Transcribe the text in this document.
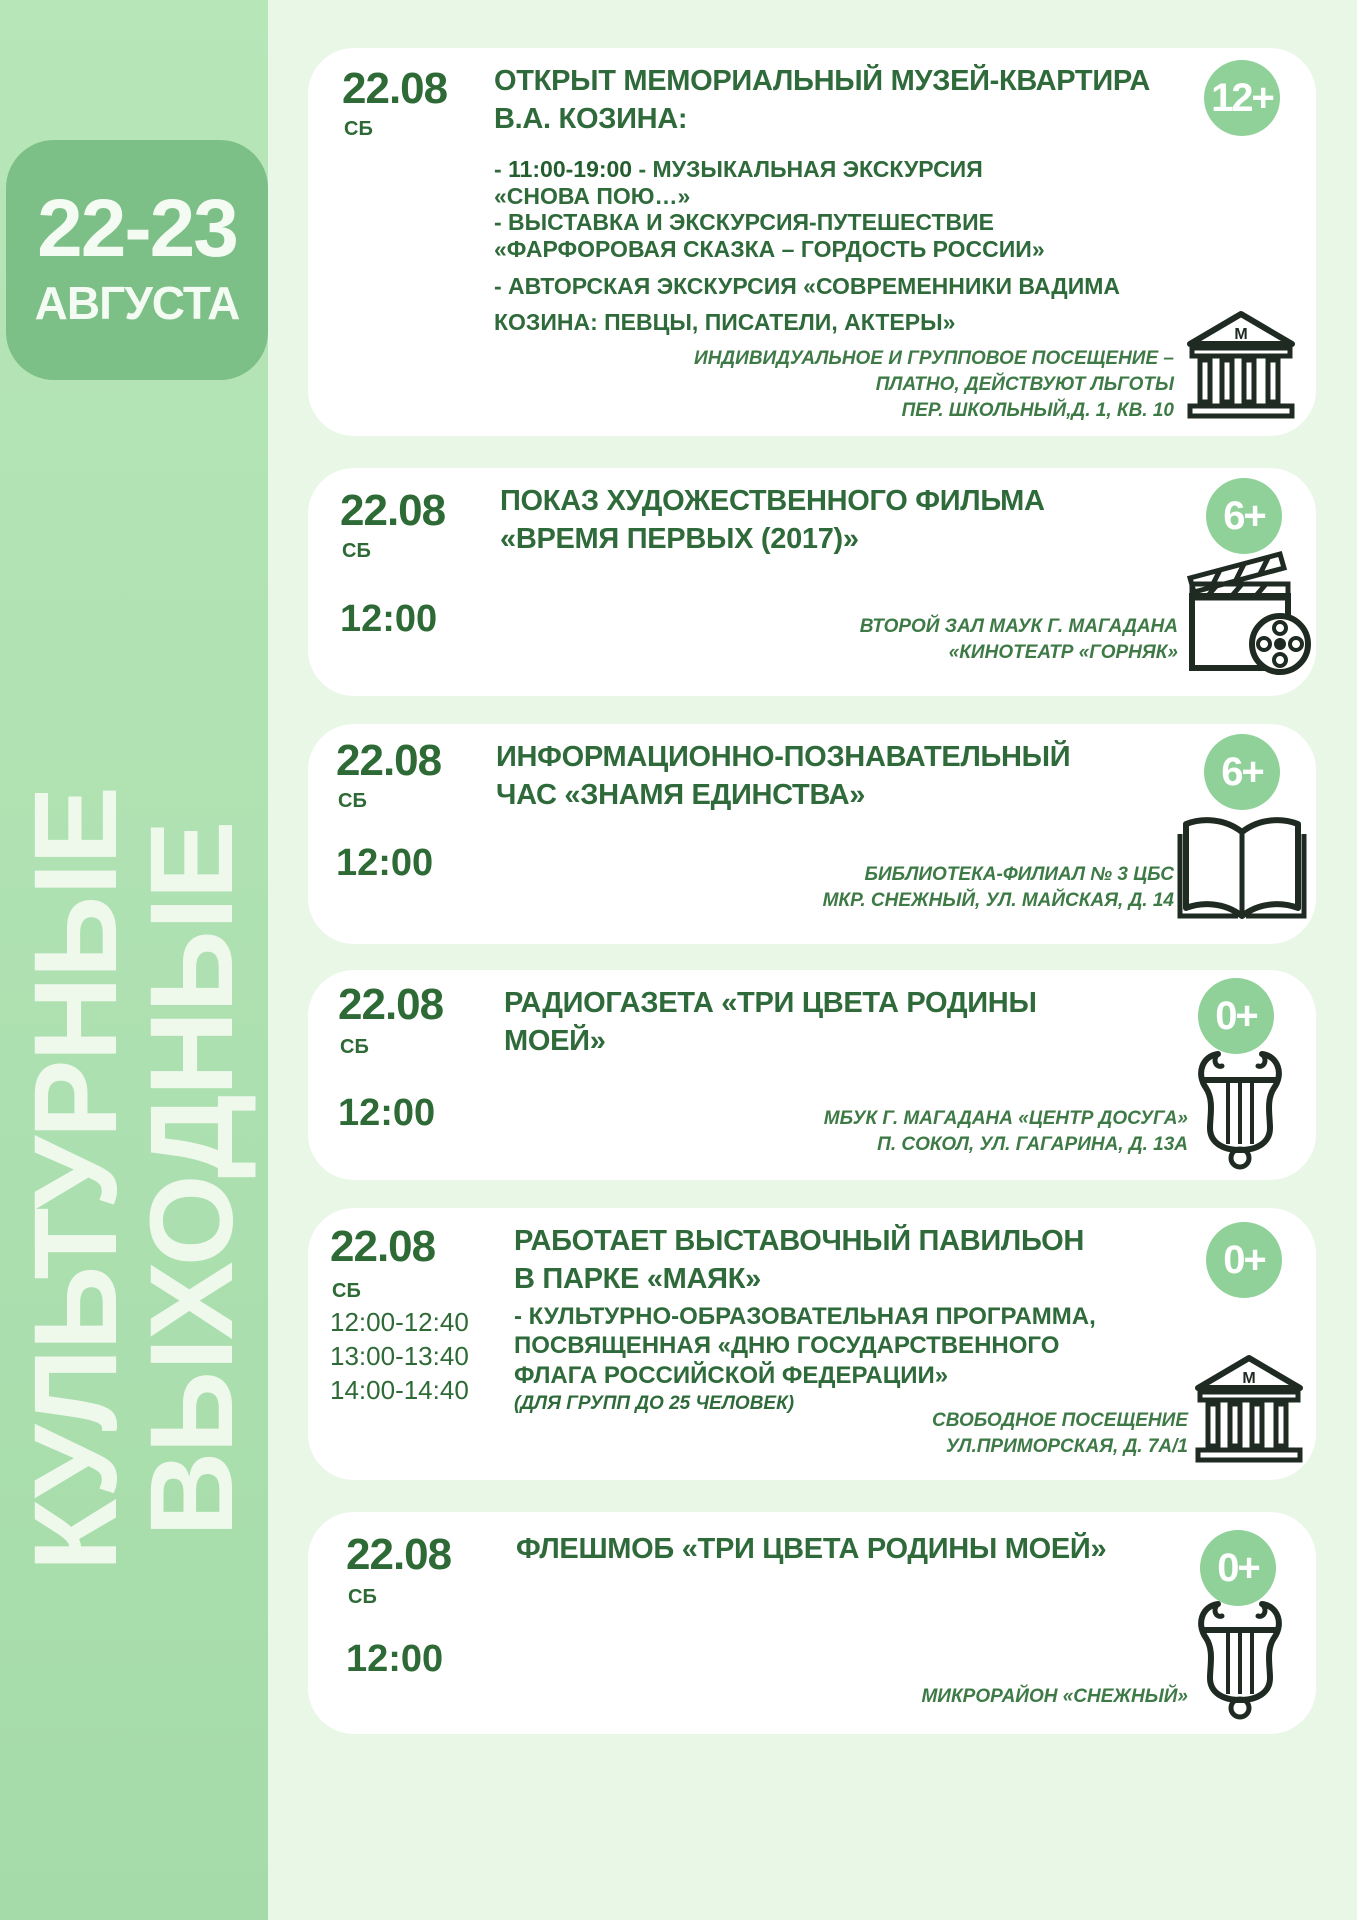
22-23
АВГУСТА
КУЛЬТУРНЫЕ
ВЫХОДНЫЕ
22.08
СБ
ОТКРЫТ МЕМОРИАЛЬНЫЙ МУЗЕЙ-КВАРТИРА В.А. КОЗИНА:
- 11:00-19:00 - МУЗЫКАЛЬНАЯ ЭКСКУРСИЯ
«СНОВА ПОЮ…»
- ВЫСТАВКА И ЭКСКУРСИЯ-ПУТЕШЕСТВИЕ
«ФАРФОРОВАЯ СКАЗКА – ГОРДОСТЬ РОССИИ»
- АВТОРСКАЯ ЭКСКУРСИЯ «СОВРЕМЕННИКИ ВАДИМА
КОЗИНА: ПЕВЦЫ, ПИСАТЕЛИ, АКТЕРЫ»
ИНДИВИДУАЛЬНОЕ И ГРУППОВОЕ ПОСЕЩЕНИЕ –
ПЛАТНО, ДЕЙСТВУЮТ ЛЬГОТЫ
ПЕР. ШКОЛЬНЫЙ,Д. 1, КВ. 10
12+
М
22.08
СБ
12:00
ПОКАЗ ХУДОЖЕСТВЕННОГО ФИЛЬМА
«ВРЕМЯ ПЕРВЫХ (2017)»
ВТОРОЙ ЗАЛ МАУК Г. МАГАДАНА
«КИНОТЕАТР «ГОРНЯК»
6+
22.08
СБ
12:00
ИНФОРМАЦИОННО-ПОЗНАВАТЕЛЬНЫЙ
ЧАС «ЗНАМЯ ЕДИНСТВА»
БИБЛИОТЕКА-ФИЛИАЛ № 3 ЦБС
МКР. СНЕЖНЫЙ, УЛ. МАЙСКАЯ, Д. 14
6+
22.08
СБ
12:00
РАДИОГАЗЕТА «ТРИ ЦВЕТА РОДИНЫ
МОЕЙ»
МБУК Г. МАГАДАНА «ЦЕНТР ДОСУГА»
П. СОКОЛ, УЛ. ГАГАРИНА, Д. 13А
0+
22.08
СБ
12:00-12:40
13:00-13:40
14:00-14:40
РАБОТАЕТ ВЫСТАВОЧНЫЙ ПАВИЛЬОН
В ПАРКЕ «МАЯК»
- КУЛЬТУРНО-ОБРАЗОВАТЕЛЬНАЯ ПРОГРАММА,
ПОСВЯЩЕННАЯ «ДНЮ ГОСУДАРСТВЕННОГО
ФЛАГА РОССИЙСКОЙ ФЕДЕРАЦИИ»
(ДЛЯ ГРУПП ДО 25 ЧЕЛОВЕК)
СВОБОДНОЕ ПОСЕЩЕНИЕ
УЛ.ПРИМОРСКАЯ, Д. 7А/1
0+
М
22.08
СБ
12:00
ФЛЕШМОБ «ТРИ ЦВЕТА РОДИНЫ МОЕЙ»
МИКРОРАЙОН «СНЕЖНЫЙ»
0+
